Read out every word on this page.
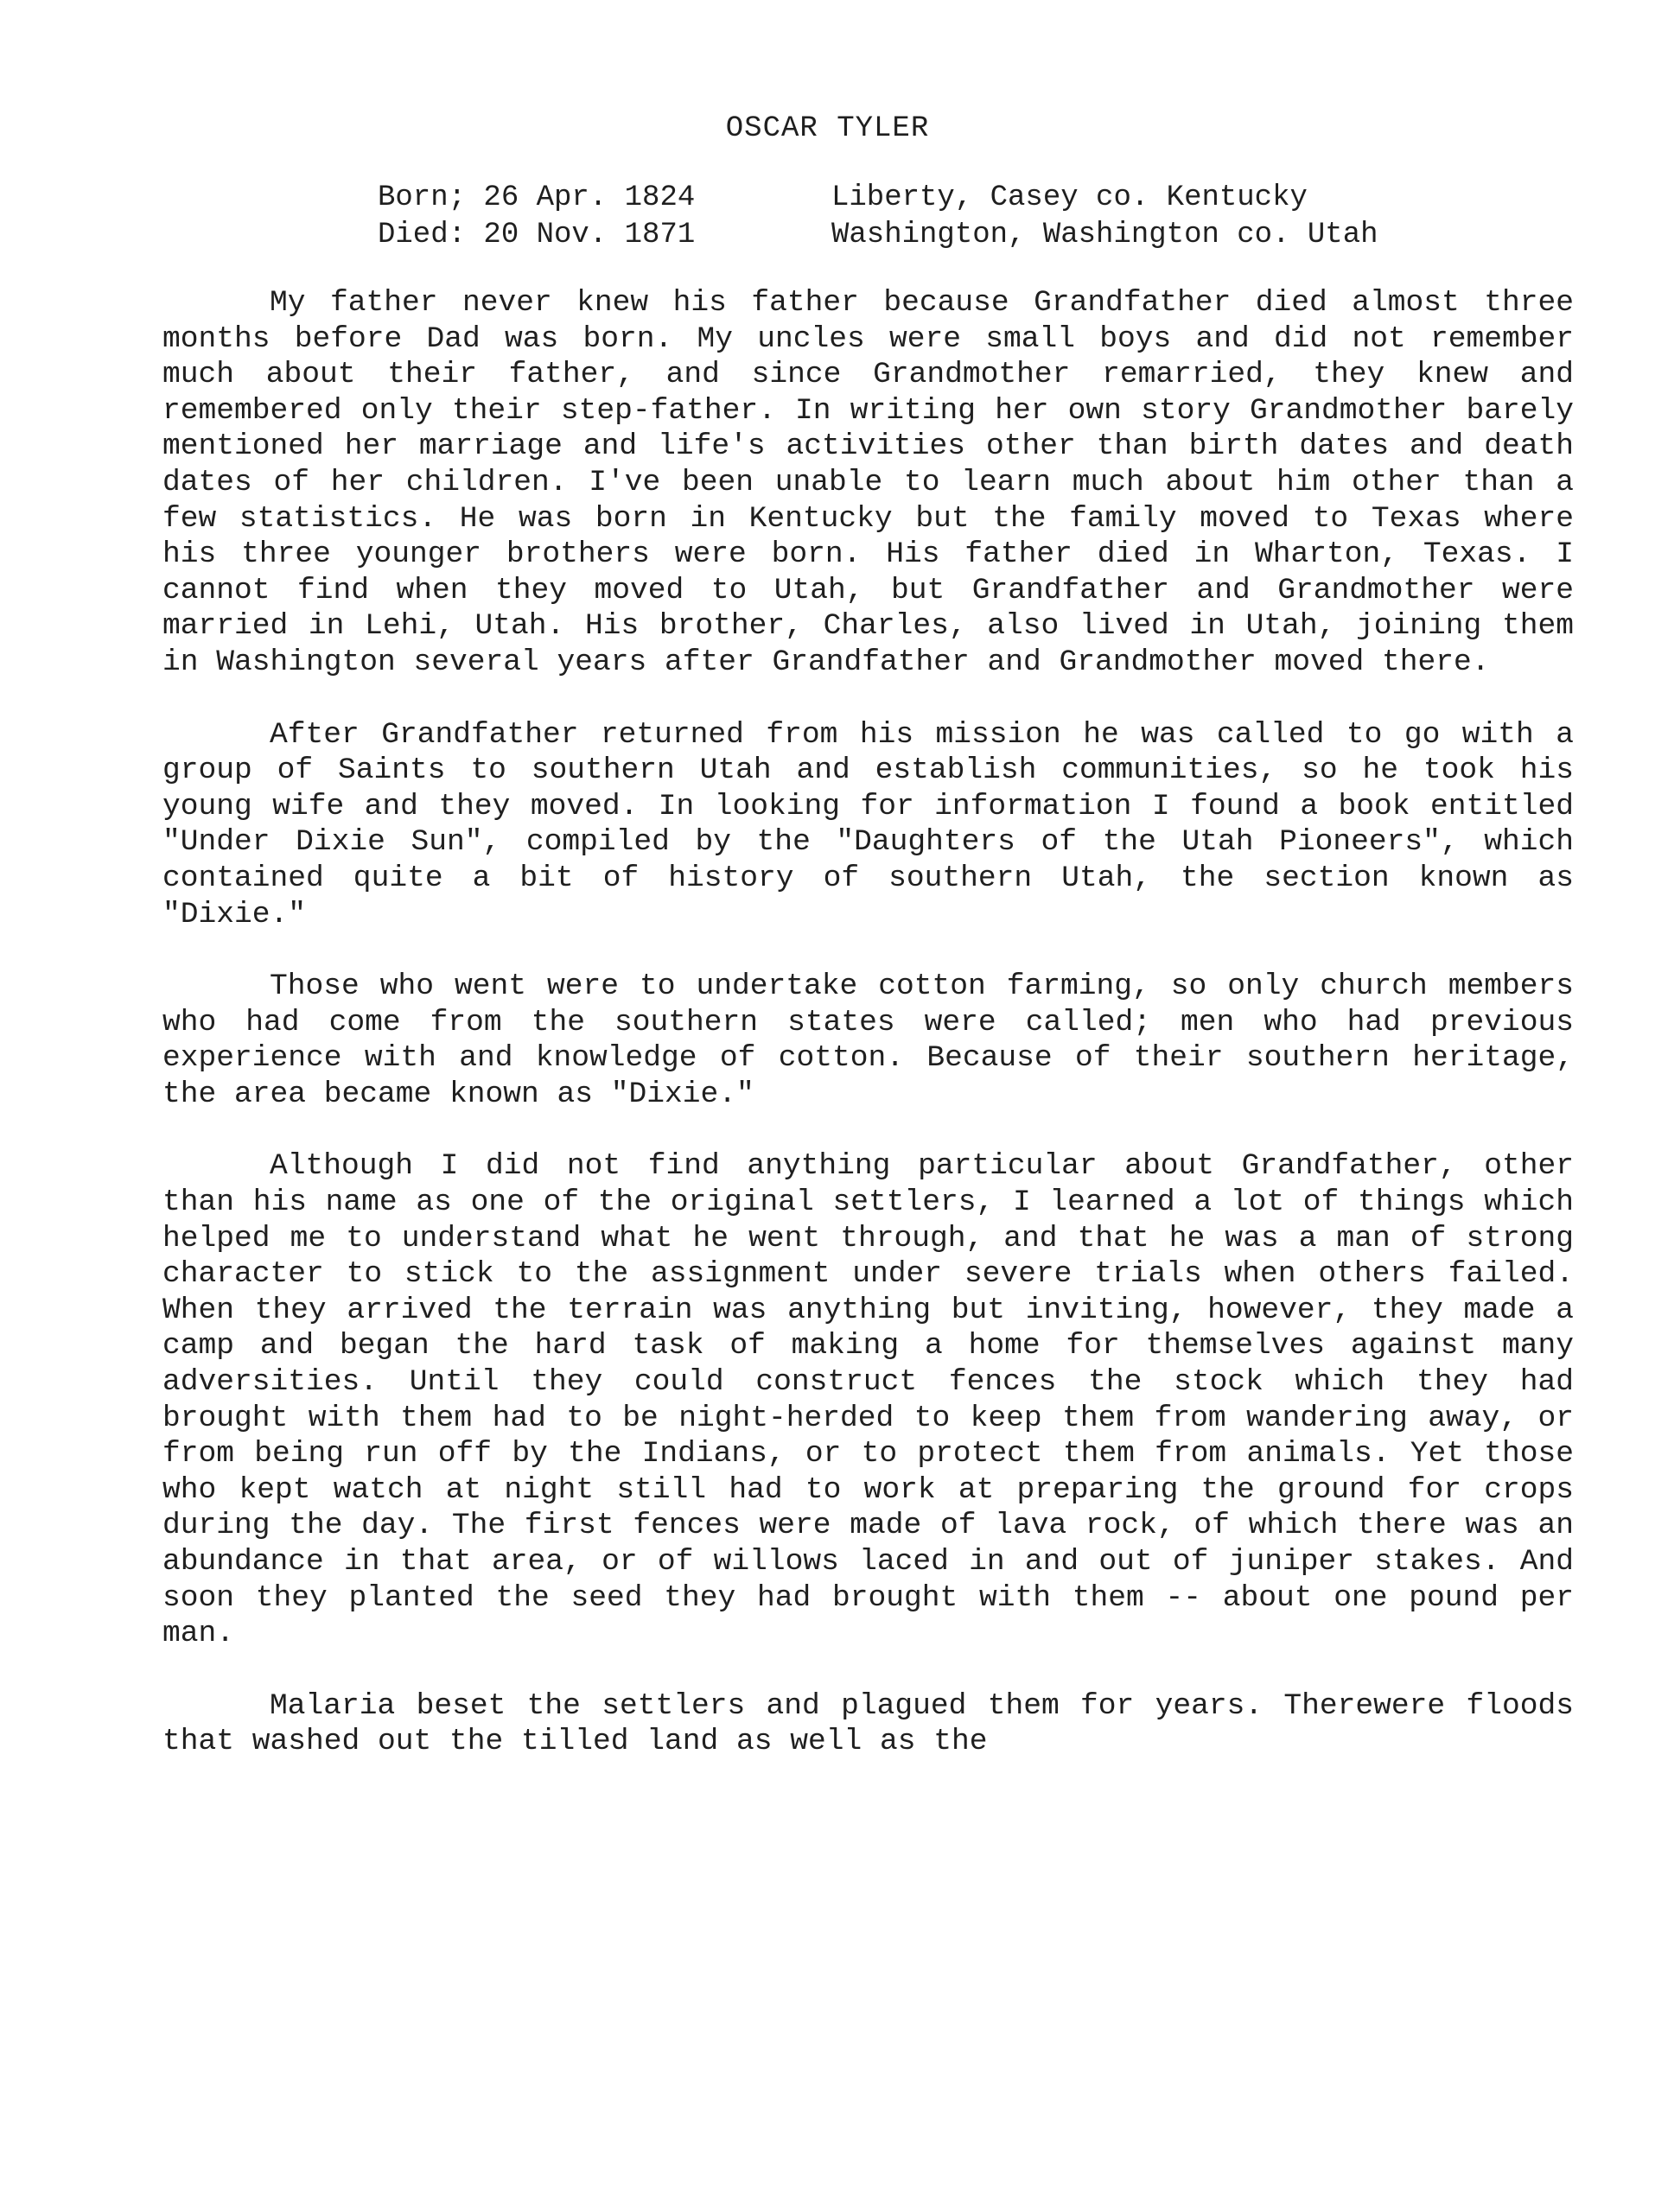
OSCAR TYLER
Born; 26 Apr. 1824	Liberty, Casey co. Kentucky
Died: 20 Nov. 1871	Washington, Washington co. Utah

My father never knew his father because Grandfather died almost three months before Dad was born. My uncles were small boys and did not remember much about their father, and since Grandmother remarried, they knew and remembered only their step-father. In writing her own story Grandmother barely mentioned her marriage and life's activities other than birth dates and death dates of her children. I've been unable to learn much about him other than a few statistics. He was born in Kentucky but the family moved to Texas where his three younger brothers were born. His father died in Wharton, Texas. I cannot find when they moved to Utah, but Grandfather and Grandmother were married in Lehi, Utah. His brother, Charles, also lived in Utah, joining them in Washington several years after Grandfather and Grandmother moved there.

After Grandfather returned from his mission he was called to go with a group of Saints to southern Utah and establish communities, so he took his young wife and they moved. In looking for information I found a book entitled "Under Dixie Sun", compiled by the "Daughters of the Utah Pioneers", which contained quite a bit of history of southern Utah, the section known as "Dixie."

Those who went were to undertake cotton farming, so only church members who had come from the southern states were called; men who had previous experience with and knowledge of cotton. Because of their southern heritage, the area became known as "Dixie."

Although I did not find anything particular about Grandfather, other than his name as one of the original settlers, I learned a lot of things which helped me to understand what he went through, and that he was a man of strong character to stick to the assignment under severe trials when others failed. When they arrived the terrain was anything but inviting, however, they made a camp and began the hard task of making a home for themselves against many adversities. Until they could construct fences the stock which they had brought with them had to be night-herded to keep them from wandering away, or from being run off by the Indians, or to protect them from animals. Yet those who kept watch at night still had to work at preparing the ground for crops during the day. The first fences were made of lava rock, of which there was an abundance in that area, or of willows laced in and out of juniper stakes. And soon they planted the seed they had brought with them -- about one pound per man.

Malaria beset the settlers and plagued them for years. Therewere floods that washed out the tilled land as well as the
